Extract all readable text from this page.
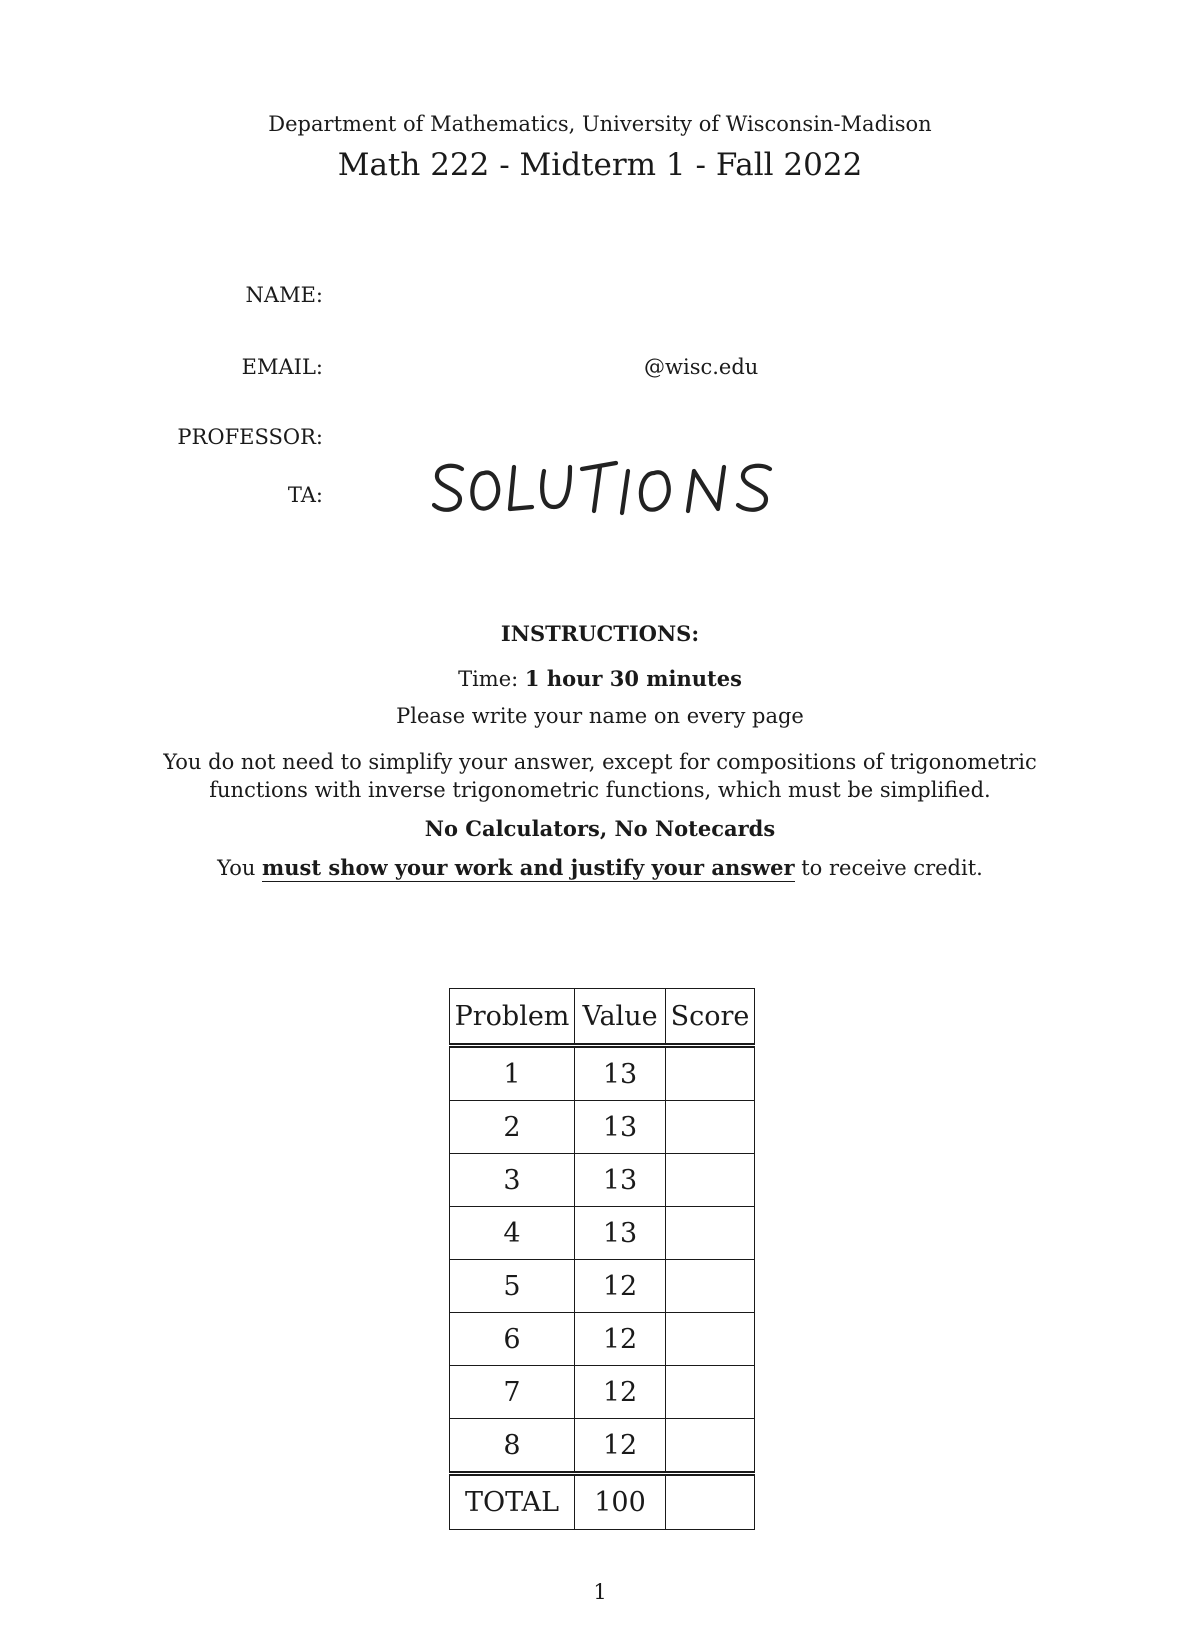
Department of Mathematics, University of Wisconsin-Madison
Math 222 - Midterm 1 - Fall 2022
NAME:
EMAIL:	@wisc.edu
PROFESSOR:
TA:
SOLUTIONS
INSTRUCTIONS:
Time: 1 hour 30 minutes
Please write your name on every page
You do not need to simplify your answer, except for compositions of trigonometric functions with inverse trigonometric functions, which must be simplified.
No Calculators, No Notecards
You must show your work and justify your answer to receive credit.
Problem	Value	Score
1	13	
2	13	
3	13	
4	13	
5	12	
6	12	
7	12	
8	12	
TOTAL	100	
1
